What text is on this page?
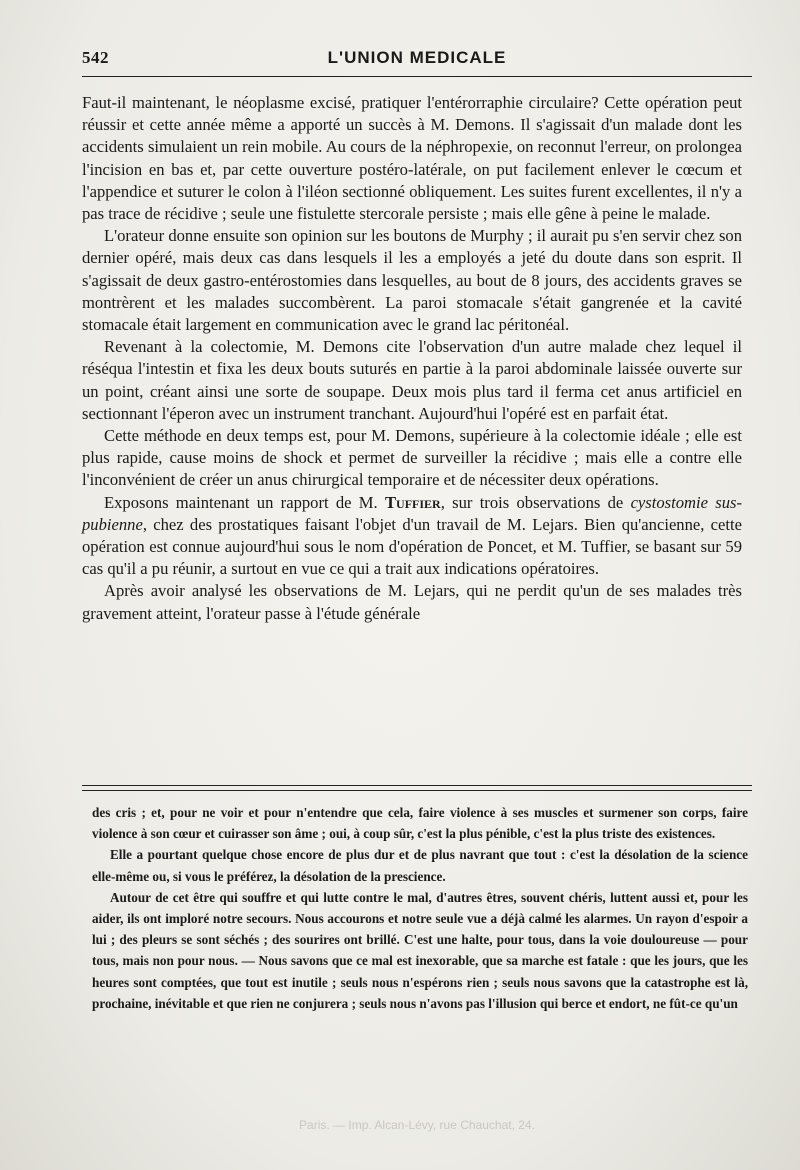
542	L'UNION MEDICALE

Faut-il maintenant, le néoplasme excisé, pratiquer l'entérorraphie circulaire? Cette opération peut réussir et cette année même a apporté un succès à M. Demons. Il s'agissait d'un malade dont les accidents simulaient un rein mobile. Au cours de la néphropexie, on reconnut l'erreur, on prolongea l'incision en bas et, par cette ouverture postéro-latérale, on put facilement enlever le cœcum et l'appendice et suturer le colon à l'iléon sectionné obliquement. Les suites furent excellentes, il n'y a pas trace de récidive ; seule une fistulette stercorale persiste ; mais elle gêne à peine le malade.

L'orateur donne ensuite son opinion sur les boutons de Murphy ; il aurait pu s'en servir chez son dernier opéré, mais deux cas dans lesquels il les a employés a jeté du doute dans son esprit. Il s'agissait de deux gastro-entérostomies dans lesquelles, au bout de 8 jours, des accidents graves se montrèrent et les malades succombèrent. La paroi stomacale s'était gangrenée et la cavité stomacale était largement en communication avec le grand lac péritonéal.

Revenant à la colectomie, M. Demons cite l'observation d'un autre malade chez lequel il réséqua l'intestin et fixa les deux bouts suturés en partie à la paroi abdominale laissée ouverte sur un point, créant ainsi une sorte de soupape. Deux mois plus tard il ferma cet anus artificiel en sectionnant l'éperon avec un instrument tranchant. Aujourd'hui l'opéré est en parfait état.

Cette méthode en deux temps est, pour M. Demons, supérieure à la colectomie idéale ; elle est plus rapide, cause moins de shock et permet de surveiller la récidive ; mais elle a contre elle l'inconvénient de créer un anus chirurgical temporaire et de nécessiter deux opérations.

Exposons maintenant un rapport de M. Tuffier, sur trois observations de cystostomie sus-pubienne, chez des prostatiques faisant l'objet d'un travail de M. Lejars. Bien qu'ancienne, cette opération est connue aujourd'hui sous le nom d'opération de Poncet, et M. Tuffier, se basant sur 59 cas qu'il a pu réunir, a surtout en vue ce qui a trait aux indications opératoires.

Après avoir analysé les observations de M. Lejars, qui ne perdit qu'un de ses malades très gravement atteint, l'orateur passe à l'étude générale

des cris ; et, pour ne voir et pour n'entendre que cela, faire violence à ses muscles et surmener son corps, faire violence à son cœur et cuirasser son âme ; oui, à coup sûr, c'est la plus pénible, c'est la plus triste des existences.

Elle a pourtant quelque chose encore de plus dur et de plus navrant que tout : c'est la désolation de la science elle-même ou, si vous le préférez, la désolation de la prescience.

Autour de cet être qui souffre et qui lutte contre le mal, d'autres êtres, souvent chéris, luttent aussi et, pour les aider, ils ont imploré notre secours. Nous accourons et notre seule vue a déjà calmé les alarmes. Un rayon d'espoir a lui ; des pleurs se sont séchés ; des sourires ont brillé. C'est une halte, pour tous, dans la voie douloureuse — pour tous, mais non pour nous. — Nous savons que ce mal est inexorable, que sa marche est fatale : que les jours, que les heures sont comptées, que tout est inutile ; seuls nous n'espérons rien ; seuls nous savons que la catastrophe est là, prochaine, inévitable et que rien ne conjurera ; seuls nous n'avons pas l'illusion qui berce et endort, ne fût-ce qu'un

Paris. — Imp. Alcan-Lévy, rue Chauchat, 24.
